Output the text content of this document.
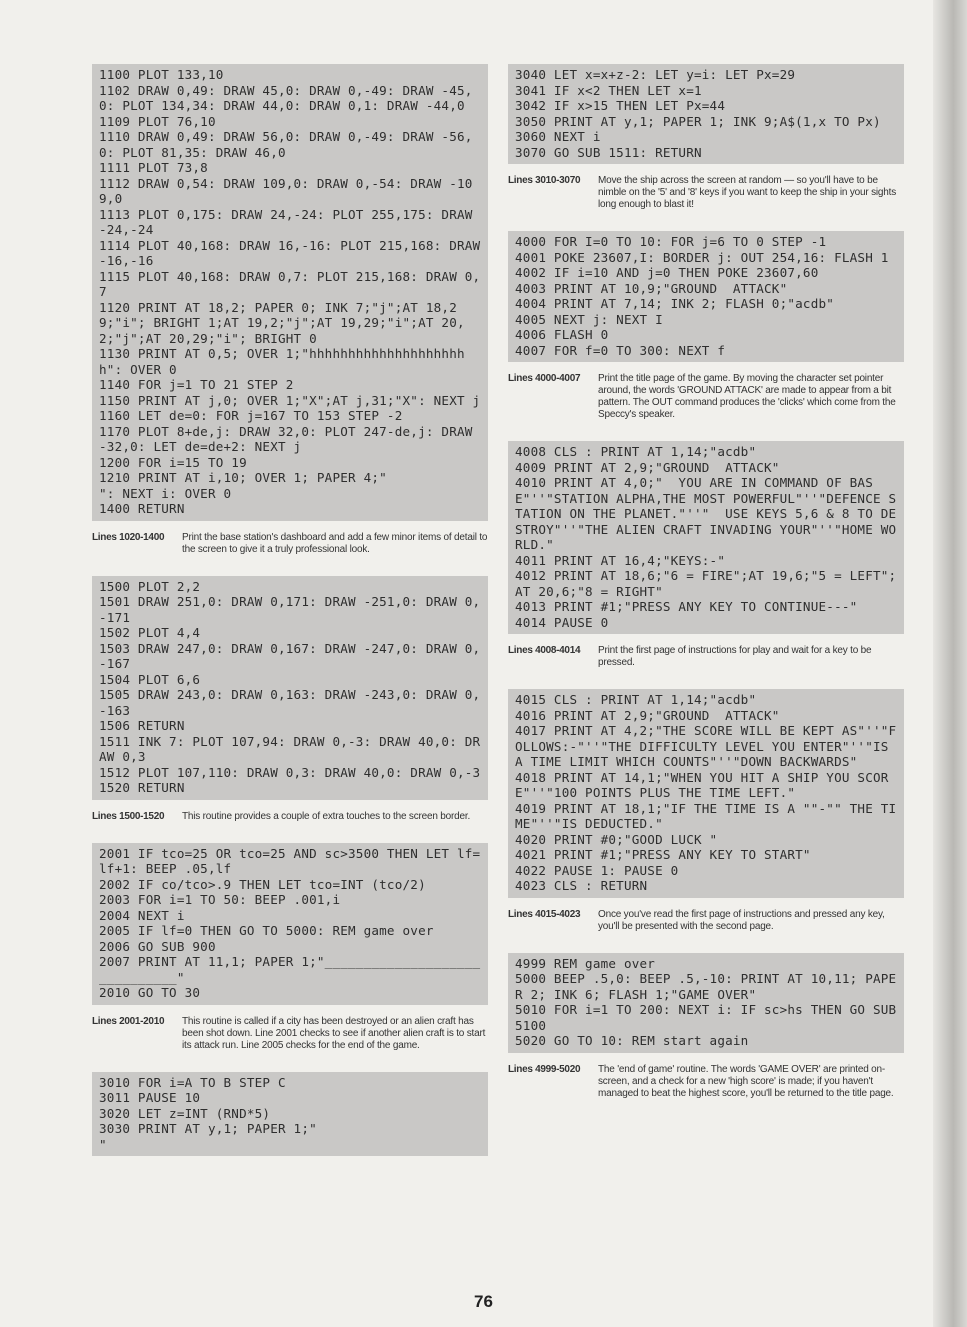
1100 PLOT 133,10
1102 DRAW 0,49: DRAW 45,0: DRAW 0,-49: DRAW -45,0: PLOT 134,34: DRAW 44,0: DRAW 0,1: DRAW -44,0
1109 PLOT 76,10
1110 DRAW 0,49: DRAW 56,0: DRAW 0,-49: DRAW -56,0: PLOT 81,35: DRAW 46,0
1111 PLOT 73,8
1112 DRAW 0,54: DRAW 109,0: DRAW 0,-54: DRAW -109,0
1113 PLOT 0,175: DRAW 24,-24: PLOT 255,175: DRAW -24,-24
1114 PLOT 40,168: DRAW 16,-16: PLOT 215,168: DRAW -16,-16
1115 PLOT 40,168: DRAW 0,7: PLOT 215,168: DRAW 0,7
1120 PRINT AT 18,2; PAPER 0; INK 7;"j";AT 18,29;"i"; BRIGHT 1;AT 19,2;"j";AT 19,29;"i";AT 20,2;"j";AT 20,29;"i"; BRIGHT 0
1130 PRINT AT 0,5; OVER 1;"hhhhhhhhhhhhhhhhhhhhh": OVER 0
1140 FOR j=1 TO 21 STEP 2
1150 PRINT AT j,0; OVER 1;"X";AT j,31;"X": NEXT j
1160 LET de=0: FOR j=167 TO 153 STEP -2
1170 PLOT 8+de,j: DRAW 32,0: PLOT 247-de,j: DRAW -32,0: LET de=de+2: NEXT j
1200 FOR i=15 TO 19
1210 PRINT AT i,10; OVER 1; PAPER 4;"           ": NEXT i: OVER 0
1400 RETURN
Lines 1020-1400	Print the base station's dashboard and add a few minor items of detail to the screen to give it a truly professional look.
1500 PLOT 2,2
1501 DRAW 251,0: DRAW 0,171: DRAW -251,0: DRAW 0,-171
1502 PLOT 4,4
1503 DRAW 247,0: DRAW 0,167: DRAW -247,0: DRAW 0,-167
1504 PLOT 6,6
1505 DRAW 243,0: DRAW 0,163: DRAW -243,0: DRAW 0,-163
1506 RETURN
1511 INK 7: PLOT 107,94: DRAW 0,-3: DRAW 40,0: DRAW 0,3
1512 PLOT 107,110: DRAW 0,3: DRAW 40,0: DRAW 0,-3
1520 RETURN
Lines 1500-1520	This routine provides a couple of extra touches to the screen border.
2001 IF tco=25 OR tco=25 AND sc>3500 THEN LET lf=lf+1: BEEP .05,lf
2002 IF co/tco>.9 THEN LET tco=INT (tco/2)
2003 FOR i=1 TO 50: BEEP .001,i
2004 NEXT i
2005 IF lf=0 THEN GO TO 5000: REM game over
2006 GO SUB 900
2007 PRINT AT 11,1; PAPER 1;"______________________________"
2010 GO TO 30
Lines 2001-2010	This routine is called if a city has been destroyed or an alien craft has been shot down. Line 2001 checks to see if another alien craft is to start its attack run. Line 2005 checks for the end of the game.
3010 FOR i=A TO B STEP C
3011 PAUSE 10
3020 LET z=INT (RND*5)
3030 PRINT AT y,1; PAPER 1;"                             "
3040 LET x=x+z-2: LET y=i: LET Px=29
3041 IF x<2 THEN LET x=1
3042 IF x>15 THEN LET Px=44
3050 PRINT AT y,1; PAPER 1; INK 9;A$(1,x TO Px)
3060 NEXT i
3070 GO SUB 1511: RETURN
Lines 3010-3070	Move the ship across the screen at random — so you'll have to be nimble on the '5' and '8' keys if you want to keep the ship in your sights long enough to blast it!
4000 FOR I=0 TO 10: FOR j=6 TO 0 STEP -1
4001 POKE 23607,I: BORDER j: OUT 254,16: FLASH 1
4002 IF i=10 AND j=0 THEN POKE 23607,60
4003 PRINT AT 10,9;"GROUND  ATTACK"
4004 PRINT AT 7,14; INK 2; FLASH 0;"acdb"
4005 NEXT j: NEXT I
4006 FLASH 0
4007 FOR f=0 TO 300: NEXT f
Lines 4000-4007	Print the title page of the game. By moving the character set pointer around, the words 'GROUND ATTACK' are made to appear from a bit pattern. The OUT command produces the 'clicks' which come from the Speccy's speaker.
4008 CLS : PRINT AT 1,14;"acdb"
4009 PRINT AT 2,9;"GROUND  ATTACK"
4010 PRINT AT 4,0;"  YOU ARE IN COMMAND OF BASE"''"STATION ALPHA,THE MOST POWERFUL"''"DEFENCE STATION ON THE PLANET."''"  USE KEYS 5,6 & 8 TO DESTROY"''"THE ALIEN CRAFT INVADING YOUR"''"HOME WORLD."
4011 PRINT AT 16,4;"KEYS:-"
4012 PRINT AT 18,6;"6 = FIRE";AT 19,6;"5 = LEFT";AT 20,6;"8 = RIGHT"
4013 PRINT #1;"PRESS ANY KEY TO CONTINUE---"
4014 PAUSE 0
Lines 4008-4014	Print the first page of instructions for play and wait for a key to be pressed.
4015 CLS : PRINT AT 1,14;"acdb"
4016 PRINT AT 2,9;"GROUND  ATTACK"
4017 PRINT AT 4,2;"THE SCORE WILL BE KEPT AS"''"FOLLOWS:-"''"THE DIFFICULTY LEVEL YOU ENTER"''"IS A TIME LIMIT WHICH COUNTS"''"DOWN BACKWARDS"
4018 PRINT AT 14,1;"WHEN YOU HIT A SHIP YOU SCORE"''"100 POINTS PLUS THE TIME LEFT."
4019 PRINT AT 18,1;"IF THE TIME IS A ""-"" THE TIME"''"IS DEDUCTED."
4020 PRINT #0;"GOOD LUCK "
4021 PRINT #1;"PRESS ANY KEY TO START"
4022 PAUSE 1: PAUSE 0
4023 CLS : RETURN
Lines 4015-4023	Once you've read the first page of instructions and pressed any key, you'll be presented with the second page.
4999 REM game over
5000 BEEP .5,0: BEEP .5,-10: PRINT AT 10,11; PAPER 2; INK 6; FLASH 1;"GAME OVER"
5010 FOR i=1 TO 200: NEXT i: IF sc>hs THEN GO SUB 5100
5020 GO TO 10: REM start again
Lines 4999-5020	The 'end of game' routine. The words 'GAME OVER' are printed on-screen, and a check for a new 'high score' is made; if you haven't managed to beat the highest score, you'll be returned to the title page.
76
